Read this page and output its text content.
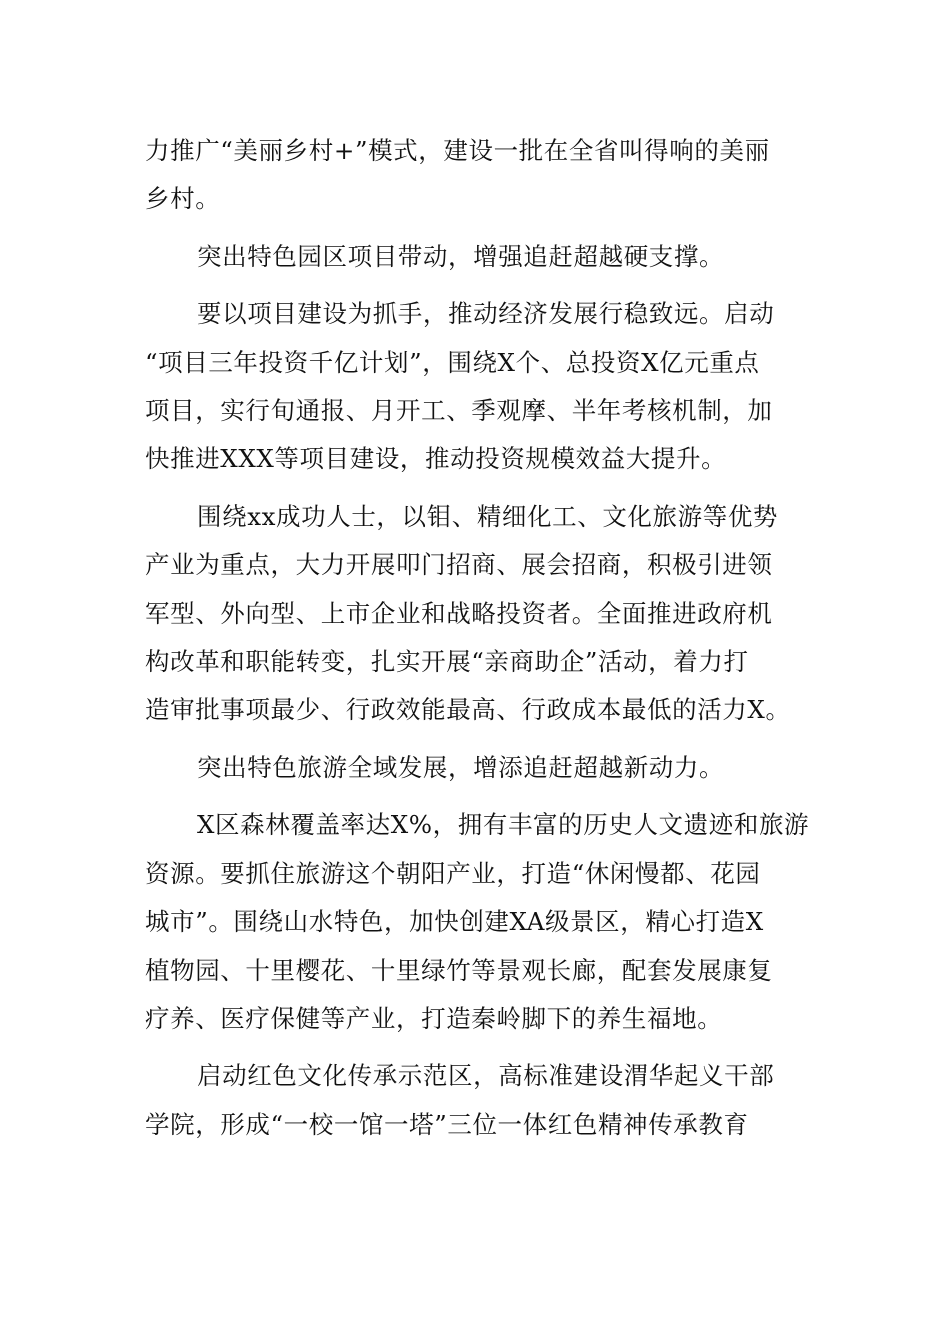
力推广“美丽乡村+”模式，建设一批在全省叫得响的美丽

乡村。

突出特色园区项目带动，增强追赶超越硬支撑。

要以项目建设为抓手，推动经济发展行稳致远。启动

“项目三年投资千亿计划”，围绕X个、总投资X亿元重点

项目，实行旬通报、月开工、季观摩、半年考核机制，加

快推进XXX等项目建设，推动投资规模效益大提升。

围绕xx成功人士，以钼、精细化工、文化旅游等优势

产业为重点，大力开展叩门招商、展会招商，积极引进领

军型、外向型、上市企业和战略投资者。全面推进政府机

构改革和职能转变，扎实开展“亲商助企”活动，着力打

造审批事项最少、行政效能最高、行政成本最低的活力X。

突出特色旅游全域发展，增添追赶超越新动力。

X区森林覆盖率达X%，拥有丰富的历史人文遗迹和旅游

资源。要抓住旅游这个朝阳产业，打造“休闲慢都、花园

城市”。围绕山水特色，加快创建XA级景区，精心打造X

植物园、十里樱花、十里绿竹等景观长廊，配套发展康复

疗养、医疗保健等产业，打造秦岭脚下的养生福地。

启动红色文化传承示范区，高标准建设渭华起义干部

学院，形成“一校一馆一塔”三位一体红色精神传承教育
